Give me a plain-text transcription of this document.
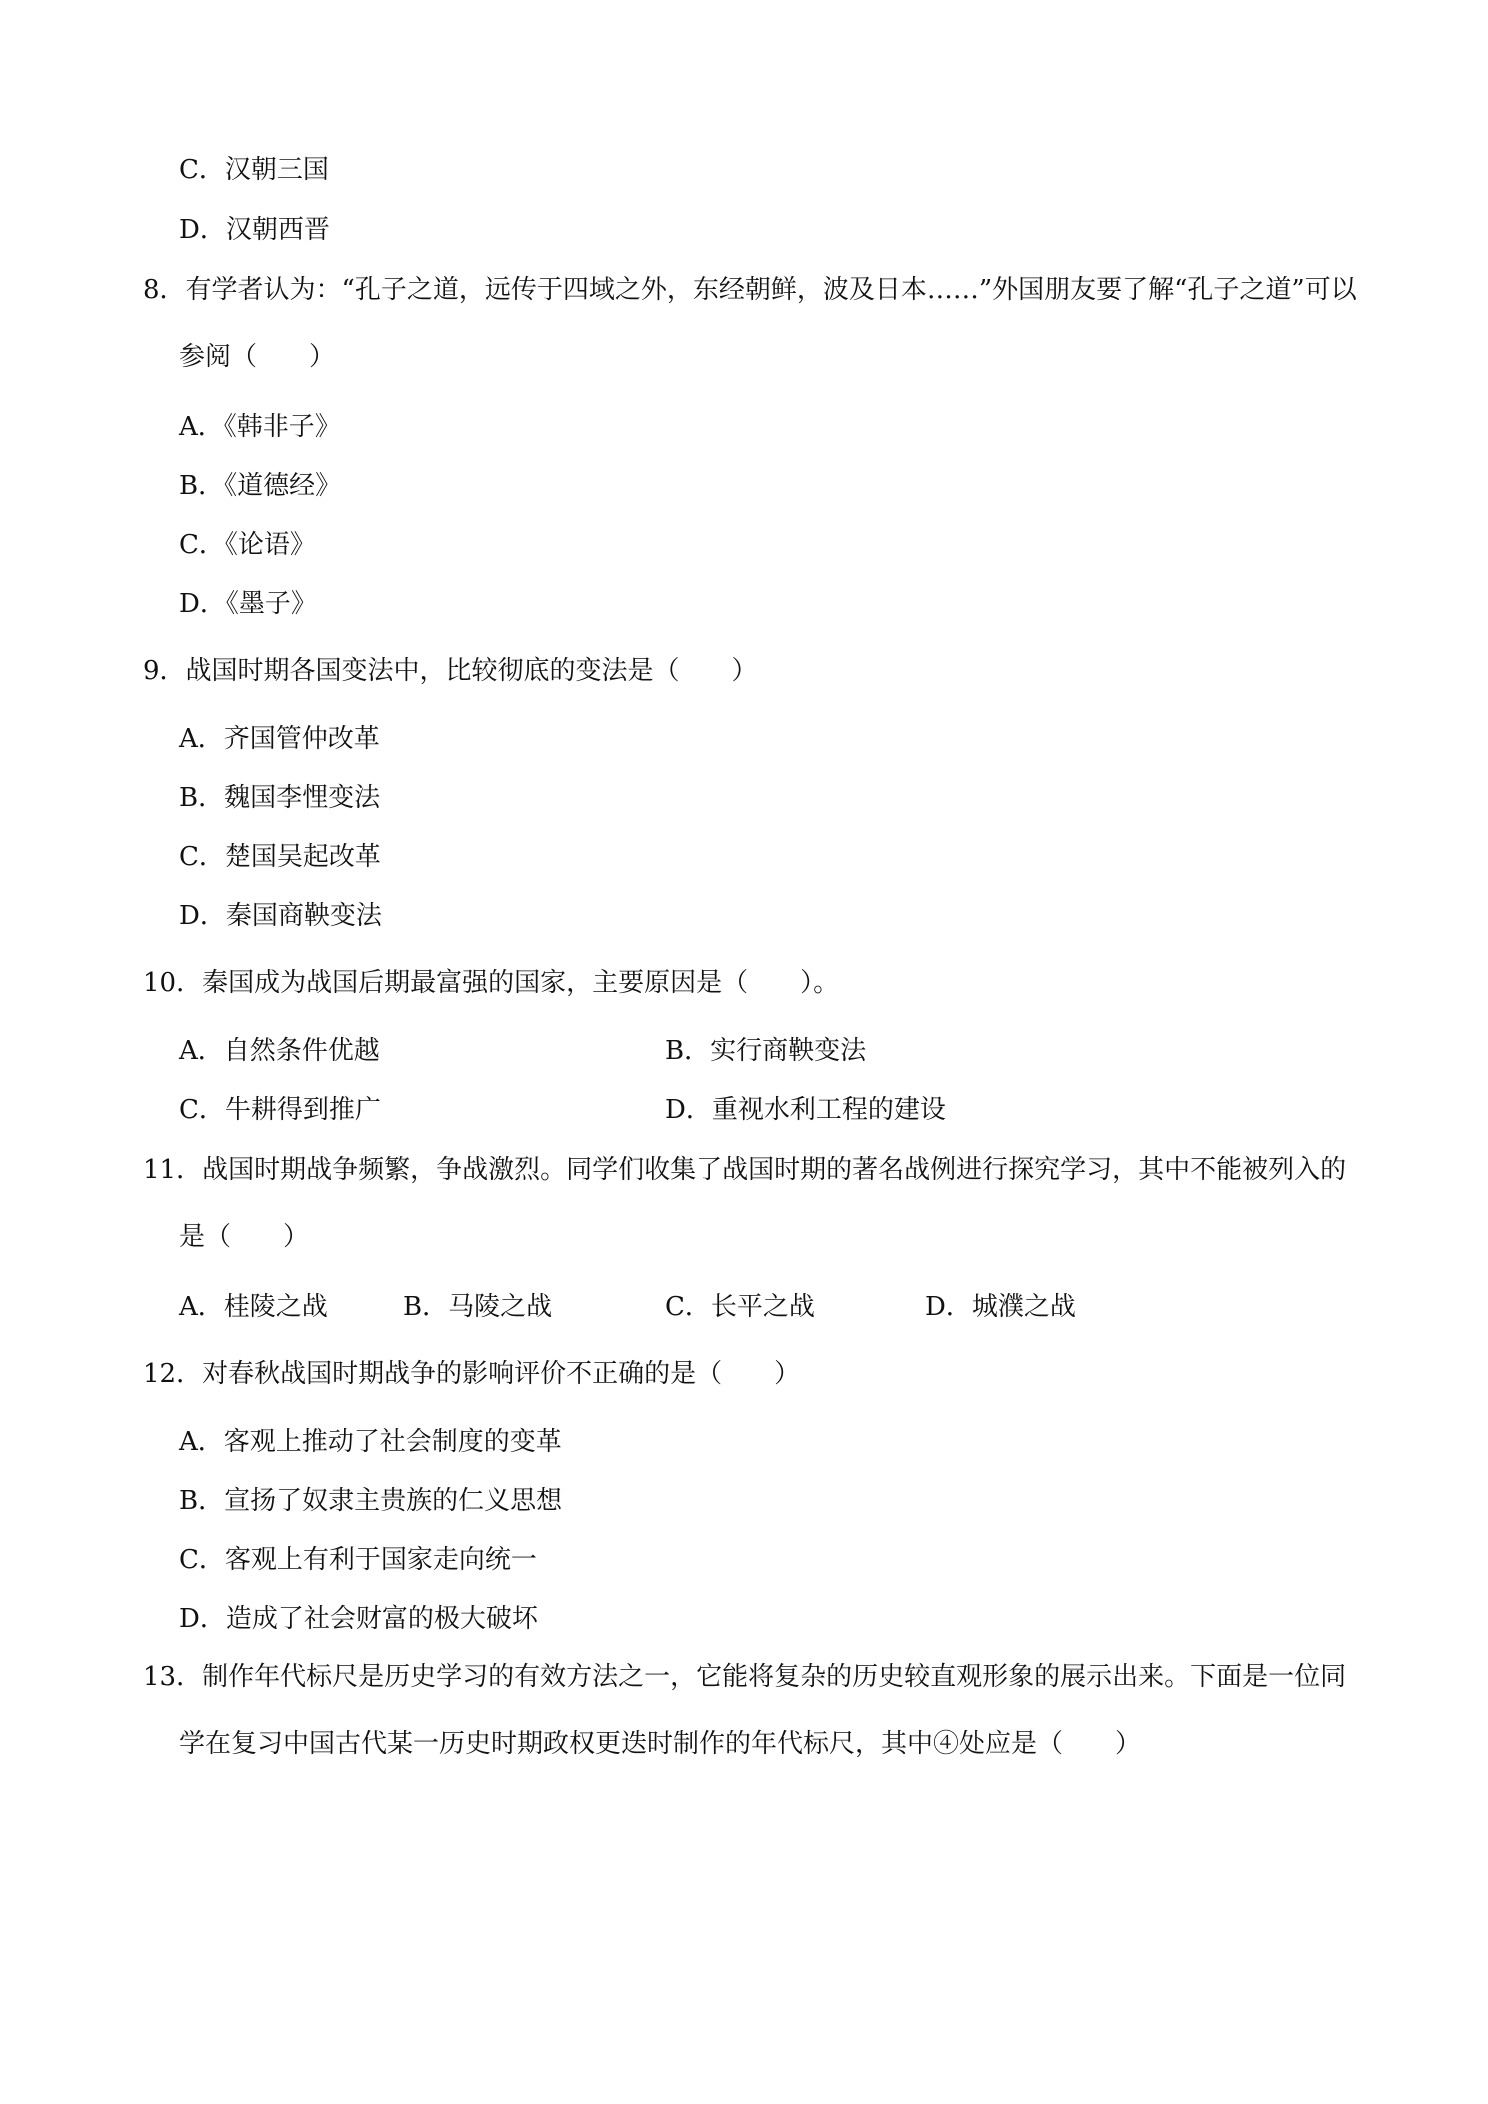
C．汉朝三国
D．汉朝西晋
8．有学者认为：“孔子之道，远传于四域之外，东经朝鲜，波及日本……”外国朋友要了解“孔子之道”可以
参阅（　　）
A．《韩非子》
B．《道德经》
C．《论语》
D．《墨子》
9．战国时期各国变法中，比较彻底的变法是（　　）
A．齐国管仲改革
B．魏国李悝变法
C．楚国吴起改革
D．秦国商鞅变法
10．秦国成为战国后期最富强的国家，主要原因是（　　）。
A．自然条件优越	B．实行商鞅变法
C．牛耕得到推广	D．重视水利工程的建设
11．战国时期战争频繁，争战激烈。同学们收集了战国时期的著名战例进行探究学习，其中不能被列入的
是（　　）
A．桂陵之战	B．马陵之战	C．长平之战	D．城濮之战
12．对春秋战国时期战争的影响评价不正确的是（　　）
A．客观上推动了社会制度的变革
B．宣扬了奴隶主贵族的仁义思想
C．客观上有利于国家走向统一
D．造成了社会财富的极大破坏
13．制作年代标尺是历史学习的有效方法之一，它能将复杂的历史较直观形象的展示出来。下面是一位同
学在复习中国古代某一历史时期政权更迭时制作的年代标尺，其中④处应是（　　）
